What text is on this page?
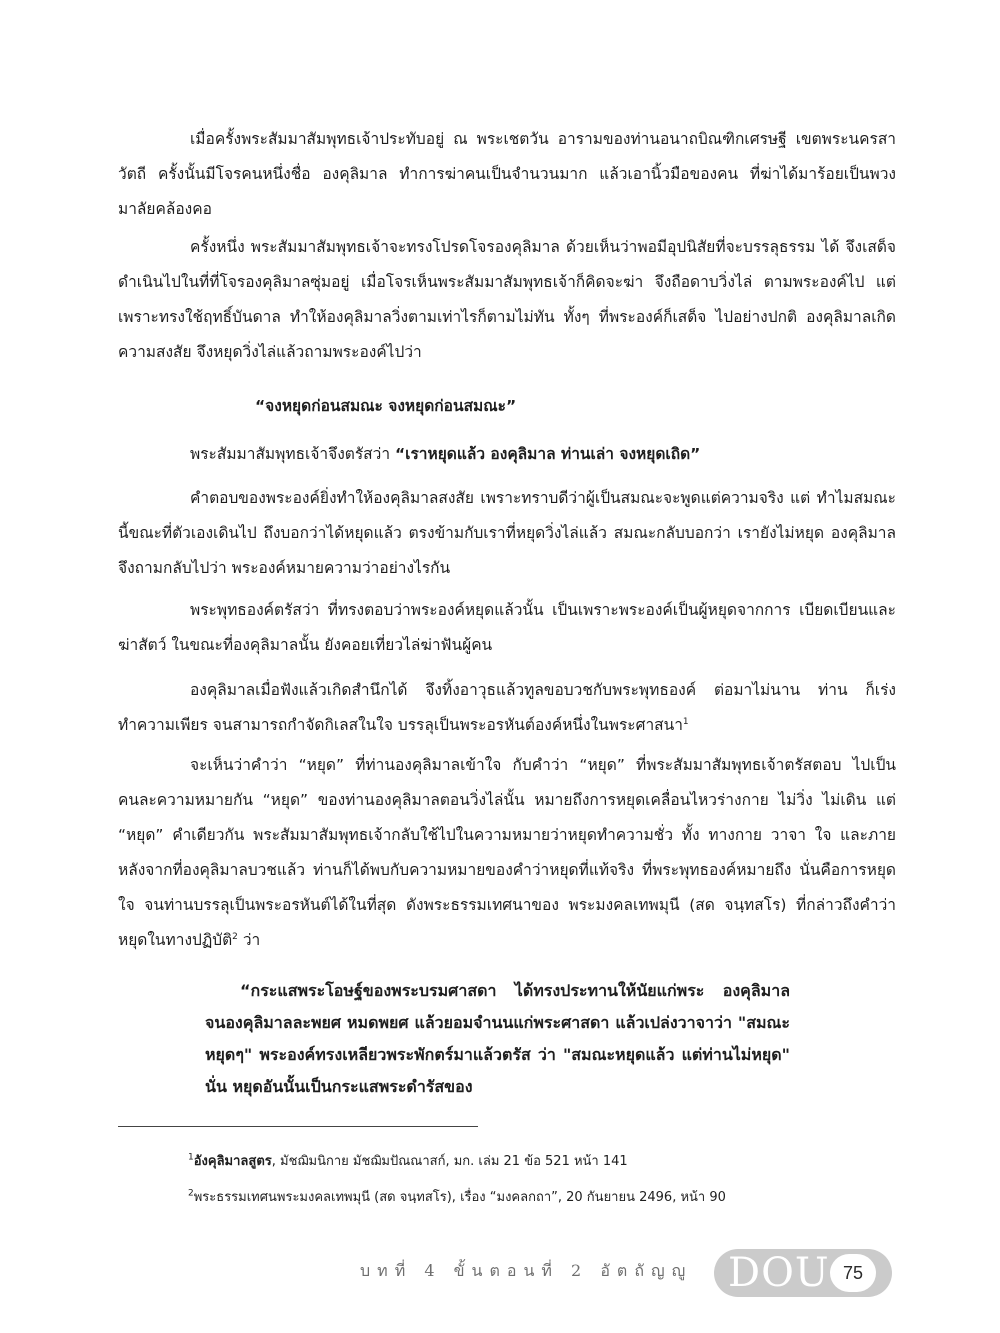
เมื่อครั้งพระสัมมาสัมพุทธเจ้าประทับอยู่ ณ พระเชตวัน อารามของท่านอนาถบิณฑิกเศรษฐี เขตพระนครสาวัตถี ครั้งนั้นมีโจรคนหนึ่งชื่อ องคุลิมาล ทำการฆ่าคนเป็นจำนวนมาก แล้วเอานิ้วมือของคน ที่ฆ่าได้มาร้อยเป็นพวงมาลัยคล้องคอ

ครั้งหนึ่ง พระสัมมาสัมพุทธเจ้าจะทรงโปรดโจรองคุลิมาล ด้วยเห็นว่าพอมีอุปนิสัยที่จะบรรลุธรรม ได้ จึงเสด็จดำเนินไปในที่ที่โจรองคุลิมาลซุ่มอยู่ เมื่อโจรเห็นพระสัมมาสัมพุทธเจ้าก็คิดจะฆ่า จึงถือดาบวิ่งไล่ ตามพระองค์ไป แต่เพราะทรงใช้ฤทธิ์บันดาล ทำให้องคุลิมาลวิ่งตามเท่าไรก็ตามไม่ทัน ทั้งๆ ที่พระองค์ก็เสด็จ ไปอย่างปกติ องคุลิมาลเกิดความสงสัย จึงหยุดวิ่งไล่แล้วถามพระองค์ไปว่า

“จงหยุดก่อนสมณะ จงหยุดก่อนสมณะ”

พระสัมมาสัมพุทธเจ้าจึงตรัสว่า “เราหยุดแล้ว องคุลิมาล ท่านเล่า จงหยุดเถิด”

คำตอบของพระองค์ยิ่งทำให้องคุลิมาลสงสัย เพราะทราบดีว่าผู้เป็นสมณะจะพูดแต่ความจริง แต่ ทำไมสมณะนี้ขณะที่ตัวเองเดินไป ถึงบอกว่าได้หยุดแล้ว ตรงข้ามกับเราที่หยุดวิ่งไล่แล้ว สมณะกลับบอกว่า เรายังไม่หยุด องคุลิมาลจึงถามกลับไปว่า พระองค์หมายความว่าอย่างไรกัน

พระพุทธองค์ตรัสว่า ที่ทรงตอบว่าพระองค์หยุดแล้วนั้น เป็นเพราะพระองค์เป็นผู้หยุดจากการ เบียดเบียนและฆ่าสัตว์ ในขณะที่องคุลิมาลนั้น ยังคอยเที่ยวไล่ฆ่าฟันผู้คน

องคุลิมาลเมื่อฟังแล้วเกิดสำนึกได้ จึงทิ้งอาวุธแล้วทูลขอบวชกับพระพุทธองค์ ต่อมาไม่นาน ท่าน ก็เร่งทำความเพียร จนสามารถกำจัดกิเลสในใจ บรรลุเป็นพระอรหันต์องค์หนึ่งในพระศาสนา$^1$

จะเห็นว่าคำว่า “หยุด” ที่ท่านองคุลิมาลเข้าใจ กับคำว่า “หยุด” ที่พระสัมมาสัมพุทธเจ้าตรัสตอบ ไปเป็นคนละความหมายกัน “หยุด” ของท่านองคุลิมาลตอนวิ่งไล่นั้น หมายถึงการหยุดเคลื่อนไหวร่างกาย ไม่วิ่ง ไม่เดิน แต่ “หยุด” คำเดียวกัน พระสัมมาสัมพุทธเจ้ากลับใช้ไปในความหมายว่าหยุดทำความชั่ว ทั้ง ทางกาย วาจา ใจ และภายหลังจากที่องคุลิมาลบวชแล้ว ท่านก็ได้พบกับความหมายของคำว่าหยุดที่แท้จริง ที่พระพุทธองค์หมายถึง นั่นคือการหยุดใจ จนท่านบรรลุเป็นพระอรหันต์ได้ในที่สุด ดังพระธรรมเทศนาของ พระมงคลเทพมุนี (สด จนฺทสโร) ที่กล่าวถึงคำว่าหยุดในทางปฏิบัติ$^2$ ว่า

“กระแสพระโอษฐ์ของพระบรมศาสดา ได้ทรงประทานให้นัยแก่พระ องคุลิมาล จนองคุลิมาลละพยศ หมดพยศ แล้วยอมจำนนแก่พระศาสดา แล้วเปล่งวาจาว่า "สมณะหยุดๆ" พระองค์ทรงเหลียวพระพักตร์มาแล้วตรัส ว่า "สมณะหยุดแล้ว แต่ท่านไม่หยุด" นั่น หยุดอันนั้นเป็นกระแสพระดำรัสของ

$^1$อังคุลิมาลสูตร, มัชฌิมนิกาย มัชฌิมปัณณาสก์, มก. เล่ม 21 ข้อ 521 หน้า 141

$^2$พระธรรมเทศนพระมงคลเทพมุนี (สด จนฺทสโร), เรื่อง “มงคลกถา”, 20 กันยายน 2496, หน้า 90

บทที่ 4 ขั้นตอนที่ 2 อัตถัญญู DOU 75
